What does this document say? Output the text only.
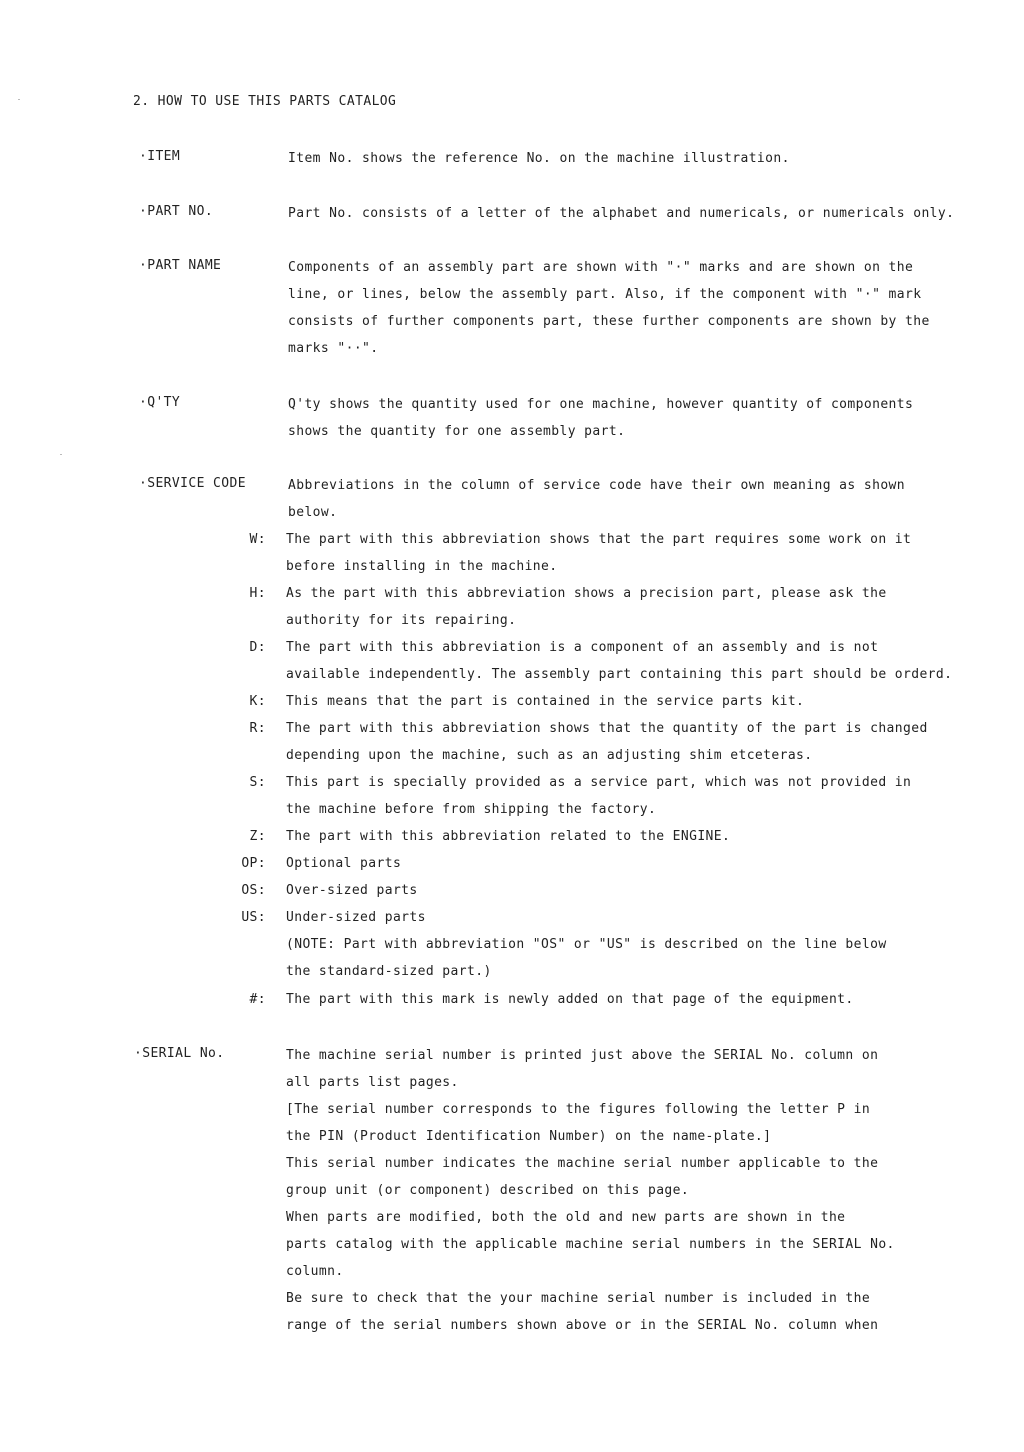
2. HOW TO USE THIS PARTS CATALOG
·ITEM	Item No. shows the reference No. on the machine illustration.

·PART NO.	Part No. consists of a letter of the alphabet and numericals, or numericals only.

·PART NAME	Components of an assembly part are shown with "·" marks and are shown on the

line, or lines, below the assembly part. Also, if the component with "·" mark

consists of further components part, these further components are shown by the

marks "··".

·Q'TY	Q'ty shows the quantity used for one machine, however quantity of components

shows the quantity for one assembly part.

·SERVICE CODE	Abbreviations in the column of service code have their own meaning as shown

below.

W: The part with this abbreviation shows that the part requires some work on it

before installing in the machine.

H: As the part with this abbreviation shows a precision part, please ask the

authority for its repairing.

D: The part with this abbreviation is a component of an assembly and is not

available independently. The assembly part containing this part should be orderd.

K: This means that the part is contained in the service parts kit.

R: The part with this abbreviation shows that the quantity of the part is changed

depending upon the machine, such as an adjusting shim etceteras.

S: This part is specially provided as a service part, which was not provided in

the machine before from shipping the factory.

Z: The part with this abbreviation related to the ENGINE.

OP: Optional parts

OS: Over-sized parts

US: Under-sized parts

(NOTE: Part with abbreviation "OS" or "US" is described on the line below

the standard-sized part.)

#: The part with this mark is newly added on that page of the equipment.

·SERIAL No.	The machine serial number is printed just above the SERIAL No. column on

all parts list pages.

[The serial number corresponds to the figures following the letter P in

the PIN (Product Identification Number) on the name-plate.]

This serial number indicates the machine serial number applicable to the

group unit (or component) described on this page.

When parts are modified, both the old and new parts are shown in the

parts catalog with the applicable machine serial numbers in the SERIAL No.

column.

Be sure to check that the your machine serial number is included in the

range of the serial numbers shown above or in the SERIAL No. column when
